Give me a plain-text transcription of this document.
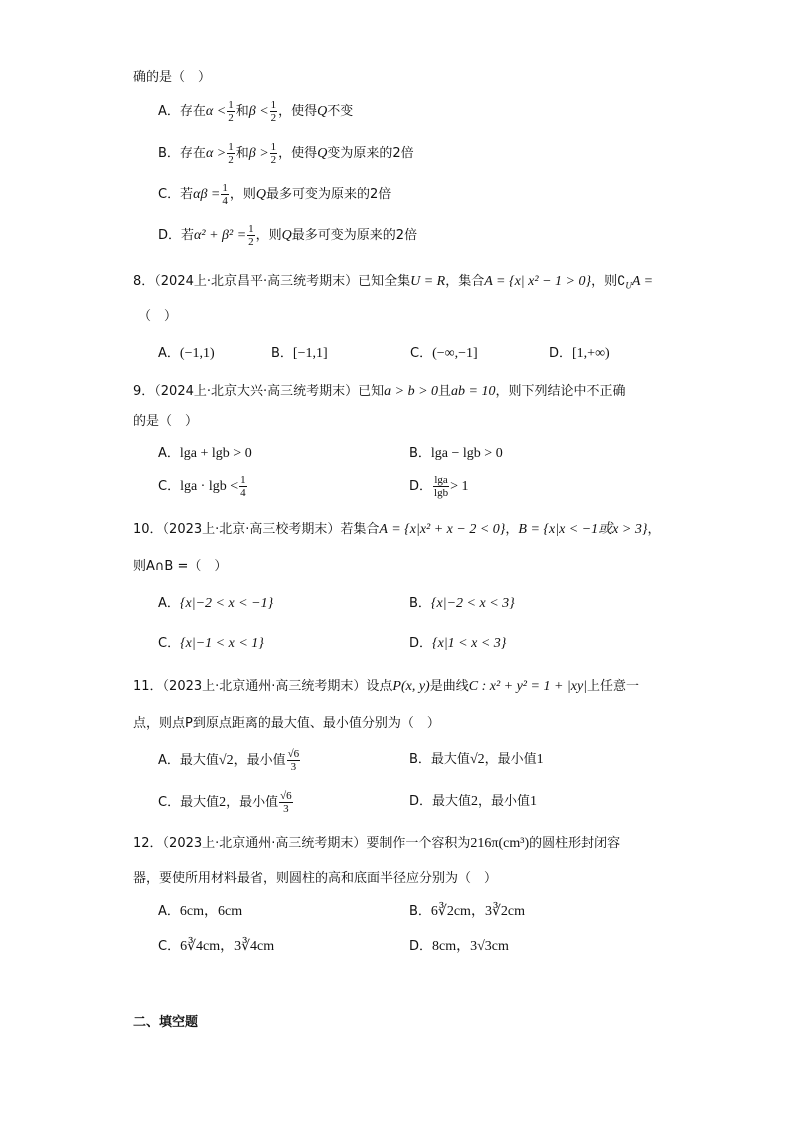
确的是（　）
A．存在$\alpha < \frac{1}{2}$ 和$\beta < \frac{1}{2}$ ，使得Q不变
B．存在$\alpha > \frac{1}{2}$ 和$\beta > \frac{1}{2}$ ，使得Q变为原来的2倍
C．若$\alpha\beta = \frac{1}{4}$ ，则Q最多可变为原来的2倍
D．若$\alpha^2 + \beta^2 = \frac{1}{2}$ ，则Q最多可变为原来的2倍
8．（2024上·北京昌平·高三统考期末）已知全集U = R，集合A = {x| x² − 1 > 0}，则$∁_UA$ =
（　）
A．(−1,1)	B．[−1,1]	C．(−∞,−1]	D．[1,+∞)
9．（2024上·北京大兴·高三统考期末）已知a > b > 0且ab = 10，则下列结论中不正确
的是（　）
A．lga + lgb > 0	B．lga − lgb > 0
C．$\lg a \cdot \lg b < \frac{1}{4}$	D． $\frac{\lg a}{\lg b} > 1$
10．（2023上·北京·高三校考期末）若集合A = {x|x² + x − 2 < 0}，B = {x|x < −1或x > 3}，
则A∩B =（　）
A．{x|−2 < x < −1}	B．{x|−2 < x < 3}
C．{x|−1 < x < 1}	D．{x|1 < x < 3}
11．（2023上·北京通州·高三统考期末）设点P(x, y)是曲线C : x² + y² = 1 + |xy|上任意一
点，则点P到原点距离的最大值、最小值分别为（　）
A．最大值√2，最小值 $\frac{√6}{3}$	B．最大值√2，最小值1
C．最大值2，最小值 $\frac{√6}{3}$	D．最大值2，最小值1
12．（2023上·北京通州·高三统考期末）要制作一个容积为216π(cm³)的圆柱形封闭容
器，要使所用材料最省，则圆柱的高和底面半径应分别为（　）
A．6cm，6cm	B．6∛2cm，3∛2cm
C．6∛4cm，3∛4cm	D．8cm，3√3cm
二、填空题
